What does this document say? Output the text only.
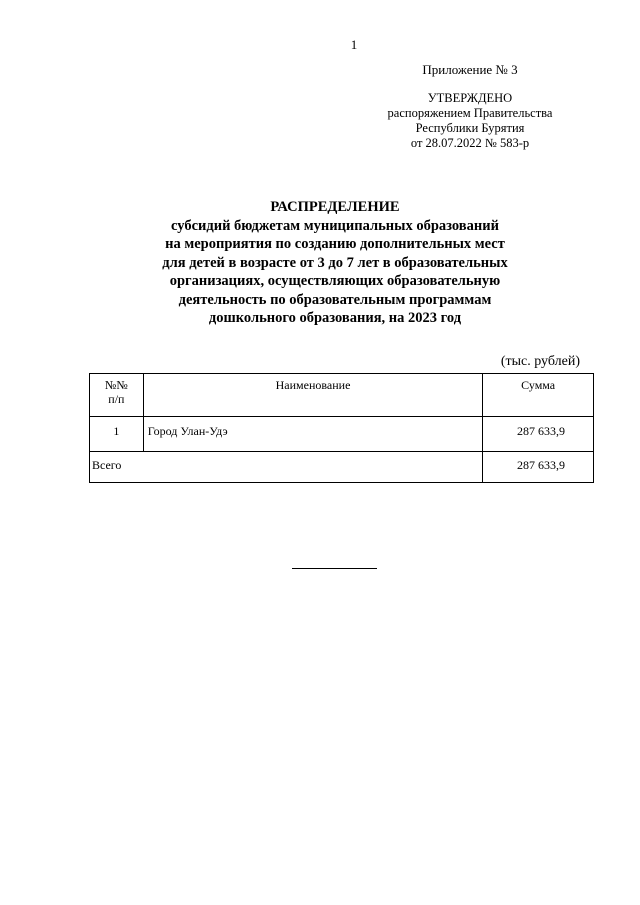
1
Приложение № 3
УТВЕРЖДЕНО
распоряжением Правительства
Республики Бурятия
от 28.07.2022 № 583-р
РАСПРЕДЕЛЕНИЕ
субсидий бюджетам муниципальных образований
на мероприятия по созданию дополнительных мест
для детей в возрасте от 3 до 7 лет в образовательных
организациях, осуществляющих образовательную
деятельность по образовательным программам
дошкольного образования, на 2023 год
(тыс. рублей)
№№
п/п	Наименование	Сумма
1	Город Улан-Удэ	287 633,9
Всего		287 633,9
